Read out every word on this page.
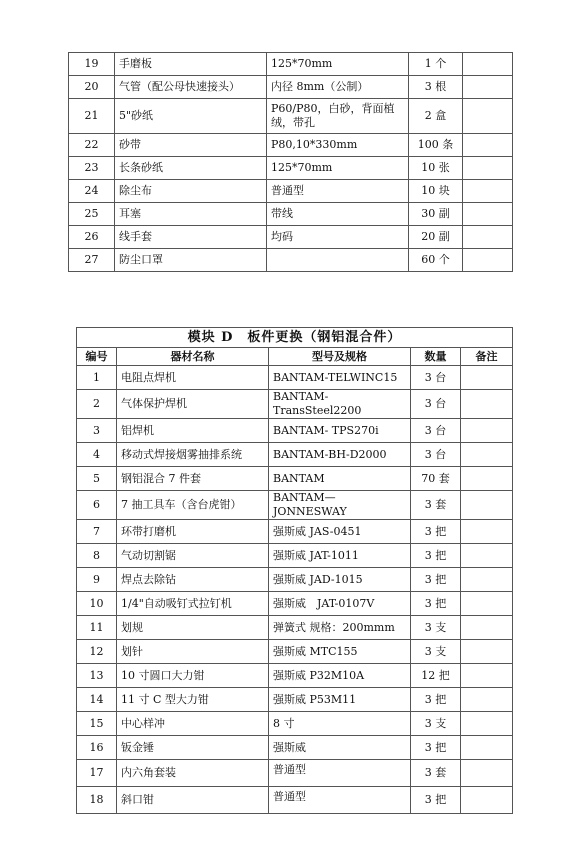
19	手磨板	125*70mm	1 个	
20	气管（配公母快速接头）	内径 8mm（公制）	3 根	
21	5"砂纸	P60/P80，白砂，背面植绒，带孔	2 盒	
22	砂带	P80,10*330mm	100 条	
23	长条砂纸	125*70mm	10 张	
24	除尘布	普通型	10 块	
25	耳塞	带线	30 副	
26	线手套	均码	20 副	
27	防尘口罩		60 个	
模块 D　板件更换（钢铝混合件）				
编号	器材名称	型号及规格	数量	备注
1	电阻点焊机	BANTAM-TELWINC15	3 台	
2	气体保护焊机	BANTAM-TransSteel2200	3 台	
3	铝焊机	BANTAM- TPS270i	3 台	
4	移动式焊接烟雾抽排系统	BANTAM-BH-D2000	3 台	
5	钢铝混合 7 件套	BANTAM	70 套	
6	7 抽工具车（含台虎钳）	BANTAM—JONNESWAY	3 套	
7	环带打磨机	强斯威 JAS-0451	3 把	
8	气动切割锯	强斯威 JAT-1011	3 把	
9	焊点去除钻	强斯威 JAD-1015	3 把	
10	1/4"自动吸钉式拉钉机	强斯威　JAT-0107V	3 把	
11	划规	弹簧式 规格：200mmm	3 支	
12	划针	强斯威 MTC155	3 支	
13	10 寸圆口大力钳	强斯威 P32M10A	12 把	
14	11 寸 C 型大力钳	强斯威 P53M11	3 把	
15	中心样冲	8 寸	3 支	
16	钣金锤	强斯威	3 把	
17	内六角套装	普通型	3 套	
18	斜口钳	普通型	3 把	
